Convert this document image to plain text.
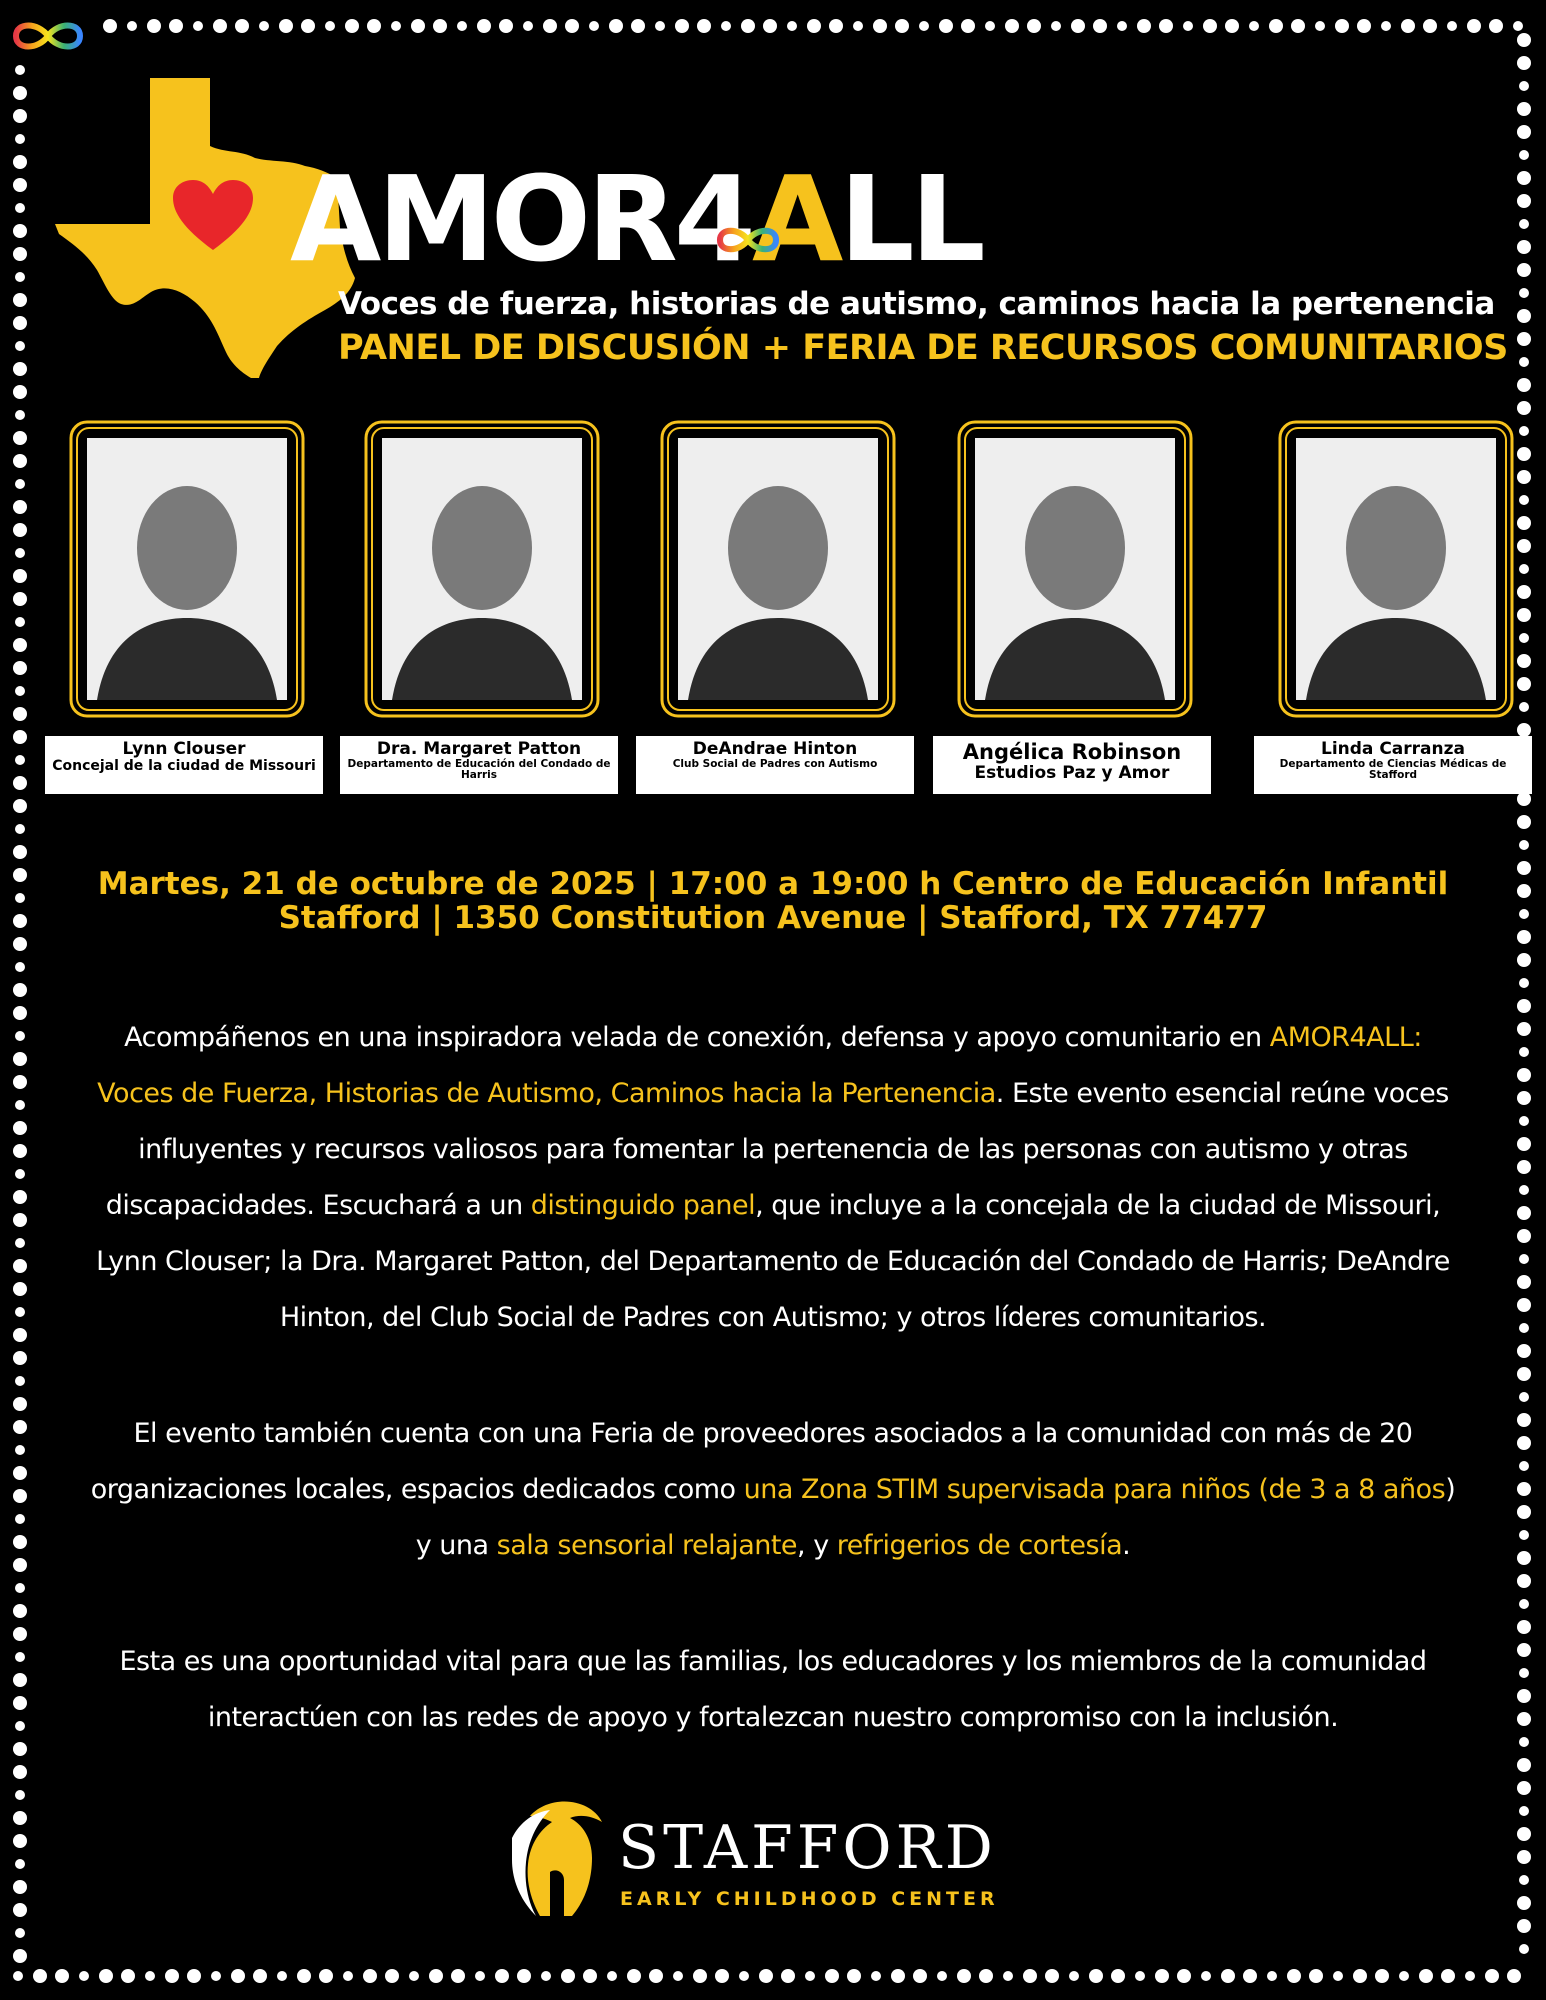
AMOR4ALL
Voces de fuerza, historias de autismo, caminos hacia la pertenencia
PANEL DE DISCUSIÓN + FERIA DE RECURSOS COMUNITARIOS
Lynn Clouser
Concejal de la ciudad de Missouri
Dra. Margaret Patton
Departamento de Educación del Condado de Harris
DeAndrae Hinton
Club Social de Padres con Autismo	Angélica Robinson
Estudios Paz y Amor
Linda Carranza
Departamento de Ciencias Médicas de Stafford
Martes, 21 de octubre de 2025 | 17:00 a 19:00 h Centro de Educación Infantil
Stafford | 1350 Constitution Avenue | Stafford, TX 77477
Acompáñenos en una inspiradora velada de conexión, defensa y apoyo comunitario en AMOR4ALL: Voces de Fuerza, Historias de Autismo, Caminos hacia la Pertenencia. Este evento esencial reúne voces influyentes y recursos valiosos para fomentar la pertenencia de las personas con autismo y otras discapacidades. Escuchará a un distinguido panel, que incluye a la concejala de la ciudad de Missouri, Lynn Clouser; la Dra. Margaret Patton, del Departamento de Educación del Condado de Harris; DeAndre Hinton, del Club Social de Padres con Autismo; y otros líderes comunitarios.
El evento también cuenta con una Feria de proveedores asociados a la comunidad con más de 20 organizaciones locales, espacios dedicados como una Zona STIM supervisada para niños (de 3 a 8 años) y una sala sensorial relajante, y refrigerios de cortesía.
Esta es una oportunidad vital para que las familias, los educadores y los miembros de la comunidad interactúen con las redes de apoyo y fortalezcan nuestro compromiso con la inclusión.
STAFFORD
EARLY CHILDHOOD CENTER
